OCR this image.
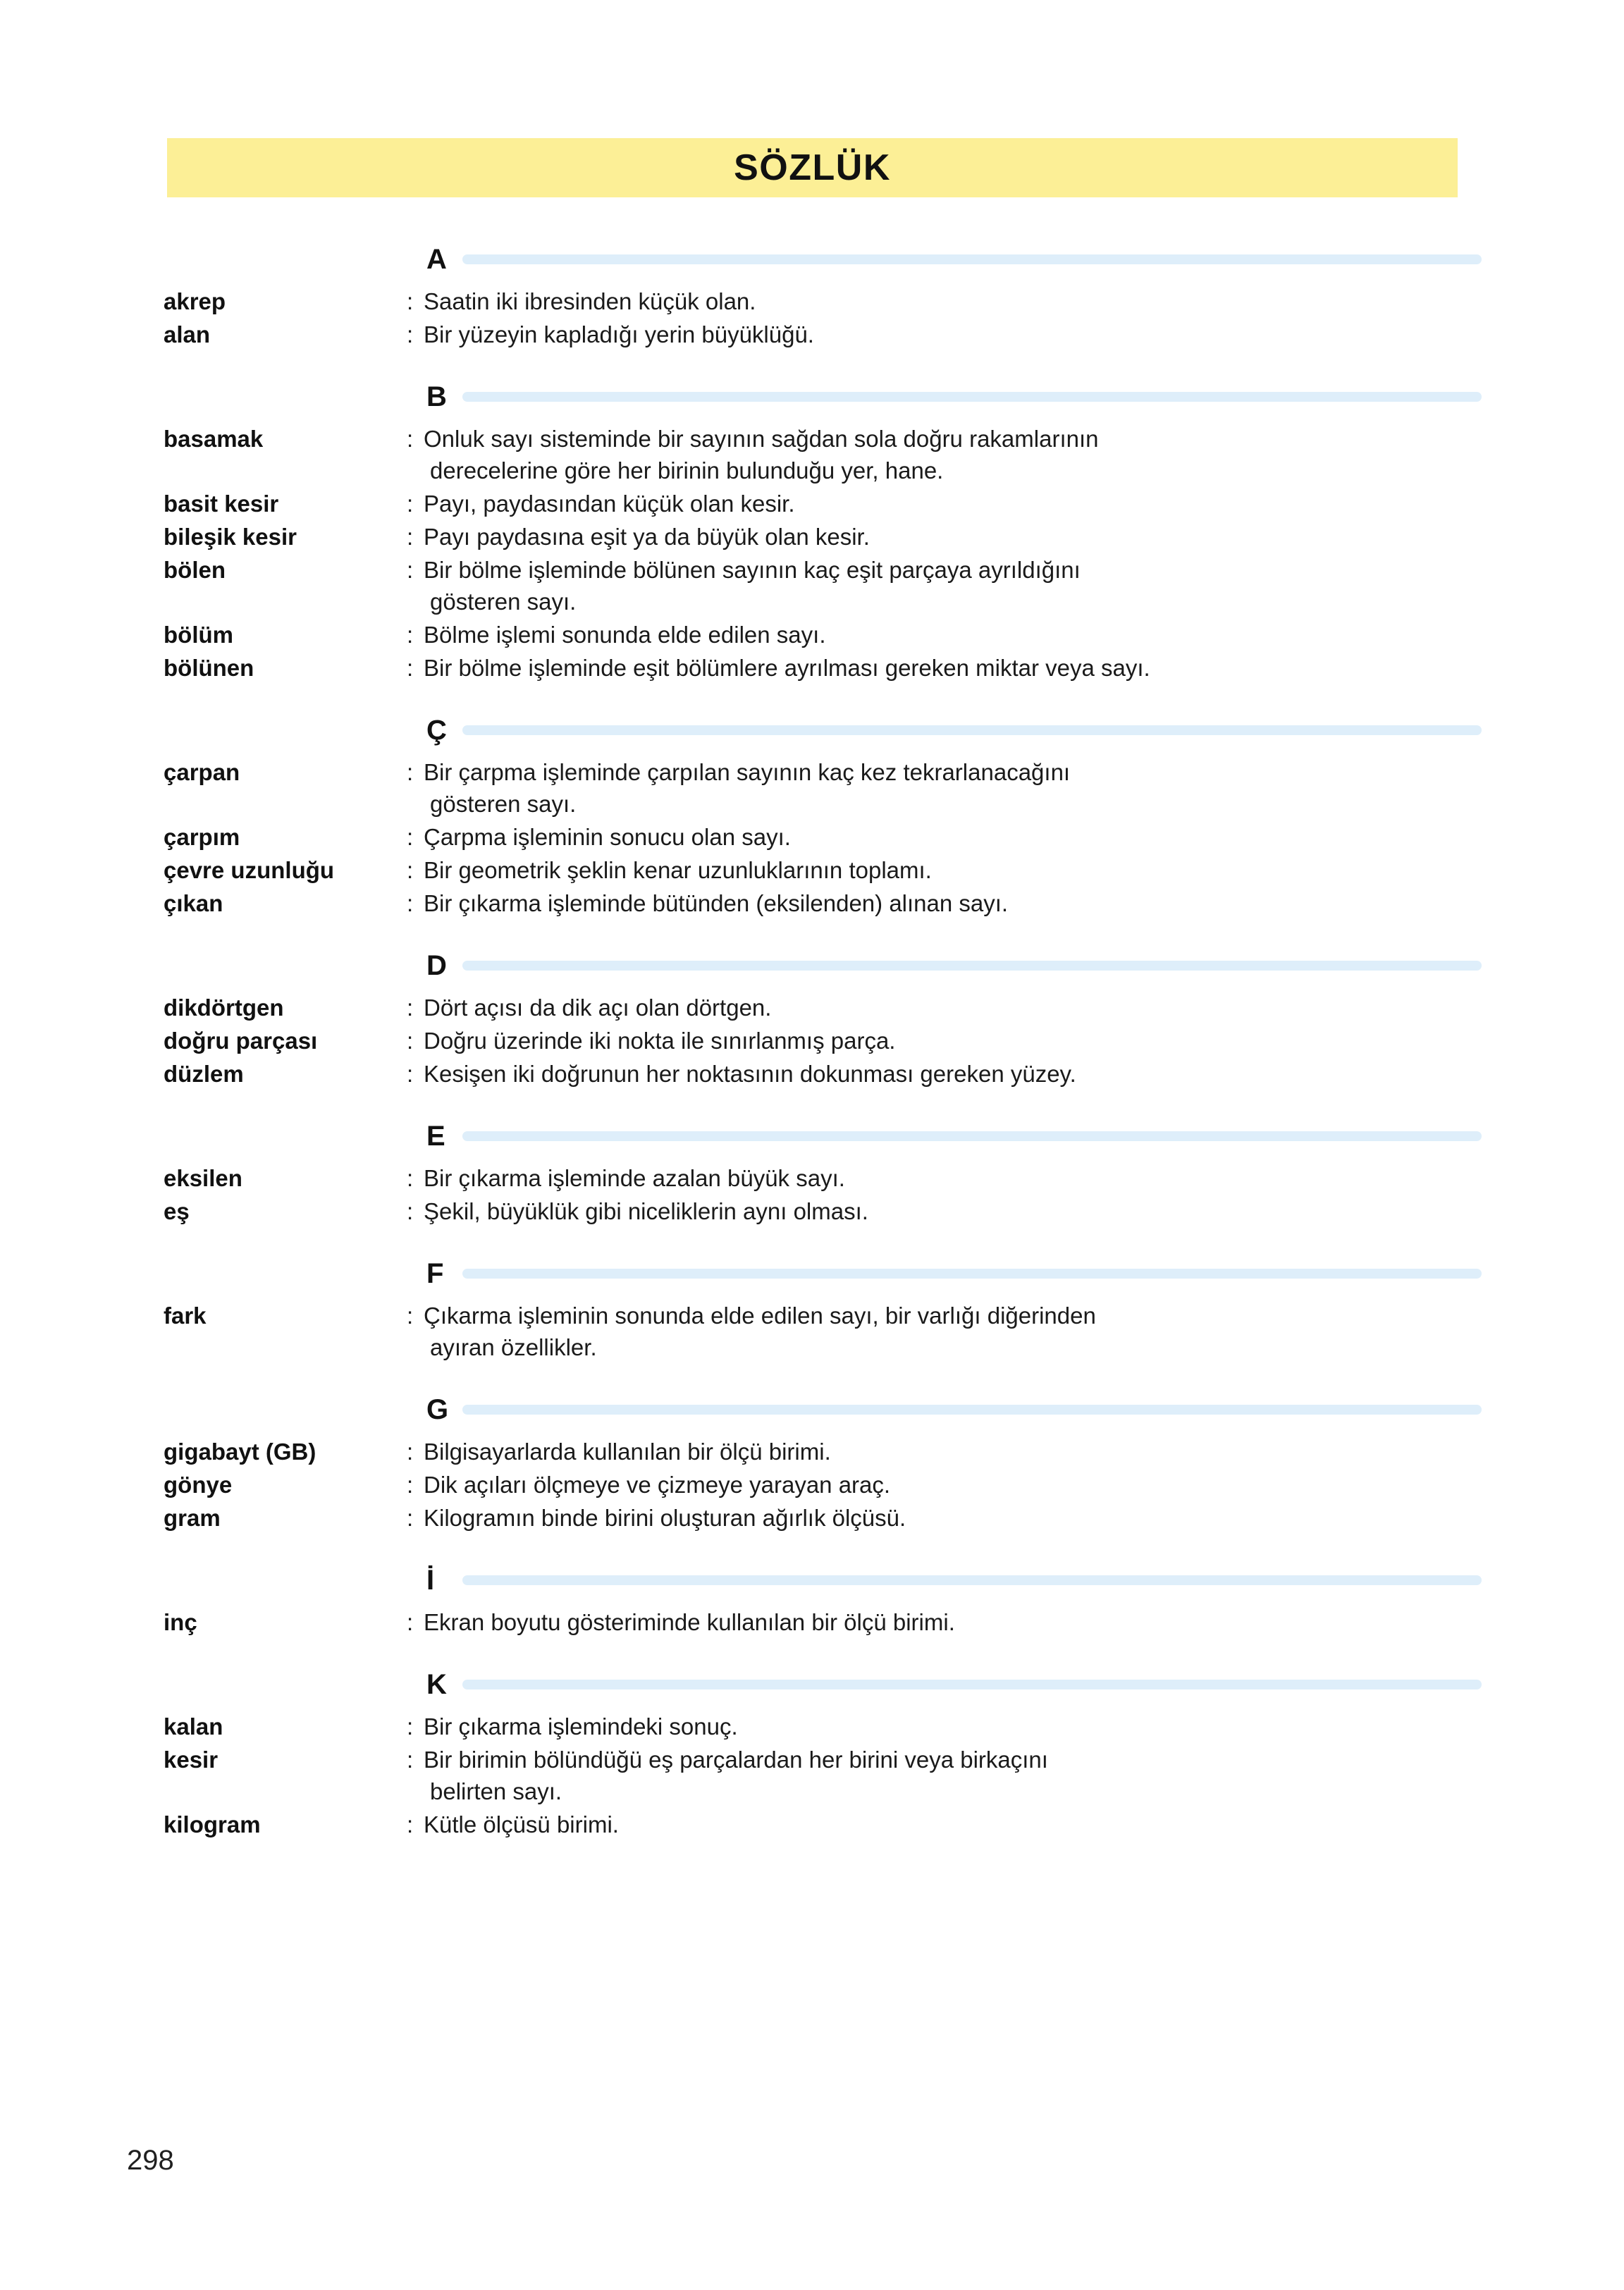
SÖZLÜK
A
akrep	: Saatin iki ibresinden küçük olan.
alan	: Bir yüzeyin kapladığı yerin büyüklüğü.
B
basamak	: Onluk sayı sisteminde bir sayının sağdan sola doğru rakamlarının
derecelerine göre her birinin bulunduğu yer, hane.
basit kesir	: Payı, paydasından küçük olan kesir.
bileşik kesir	: Payı paydasına eşit ya da büyük olan kesir.
bölen	: Bir bölme işleminde bölünen sayının kaç eşit parçaya ayrıldığını
gösteren sayı.
bölüm	: Bölme işlemi sonunda elde edilen sayı.
bölünen	: Bir bölme işleminde eşit bölümlere ayrılması gereken miktar veya sayı.
Ç
çarpan	: Bir çarpma işleminde çarpılan sayının kaç kez tekrarlanacağını
gösteren sayı.
çarpım	: Çarpma işleminin sonucu olan sayı.
çevre uzunluğu	: Bir geometrik şeklin kenar uzunluklarının toplamı.
çıkan	: Bir çıkarma işleminde bütünden (eksilenden) alınan sayı.
D
dikdörtgen	: Dört açısı da dik açı olan dörtgen.
doğru parçası	: Doğru üzerinde iki nokta ile sınırlanmış parça.
düzlem	: Kesişen iki doğrunun her noktasının dokunması gereken yüzey.
E
eksilen	: Bir çıkarma işleminde azalan büyük sayı.
eş	: Şekil, büyüklük gibi niceliklerin aynı olması.
F
fark	: Çıkarma işleminin sonunda elde edilen sayı, bir varlığı diğerinden
ayıran özellikler.
G
gigabayt (GB)	: Bilgisayarlarda kullanılan bir ölçü birimi.
gönye	: Dik açıları ölçmeye ve çizmeye yarayan araç.
gram	: Kilogramın binde birini oluşturan ağırlık ölçüsü.
İ
inç	: Ekran boyutu gösteriminde kullanılan bir ölçü birimi.
K
kalan	: Bir çıkarma işlemindeki sonuç.
kesir	: Bir birimin bölündüğü eş parçalardan her birini veya birkaçını
belirten sayı.
kilogram	: Kütle ölçüsü birimi.
298
